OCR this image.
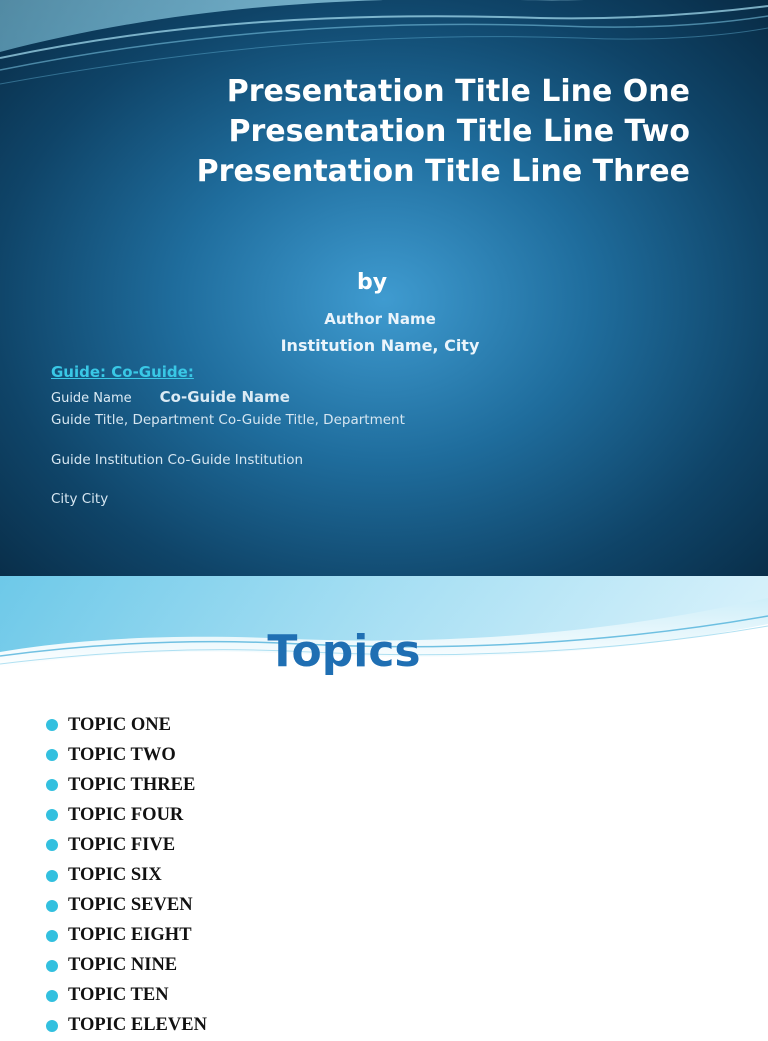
Presentation Title Line One
Presentation Title Line Two
Presentation Title Line Three
by
Author Name
Institution Name, City
Guide: Co-Guide:
Guide Name Co-Guide Name
Guide Title, Department Co-Guide Title, Department
Guide Institution Co-Guide Institution
City City
Topics
TOPIC ONE
TOPIC TWO
TOPIC THREE
TOPIC FOUR
TOPIC FIVE
TOPIC SIX
TOPIC SEVEN
TOPIC EIGHT
TOPIC NINE
TOPIC TEN
TOPIC ELEVEN
